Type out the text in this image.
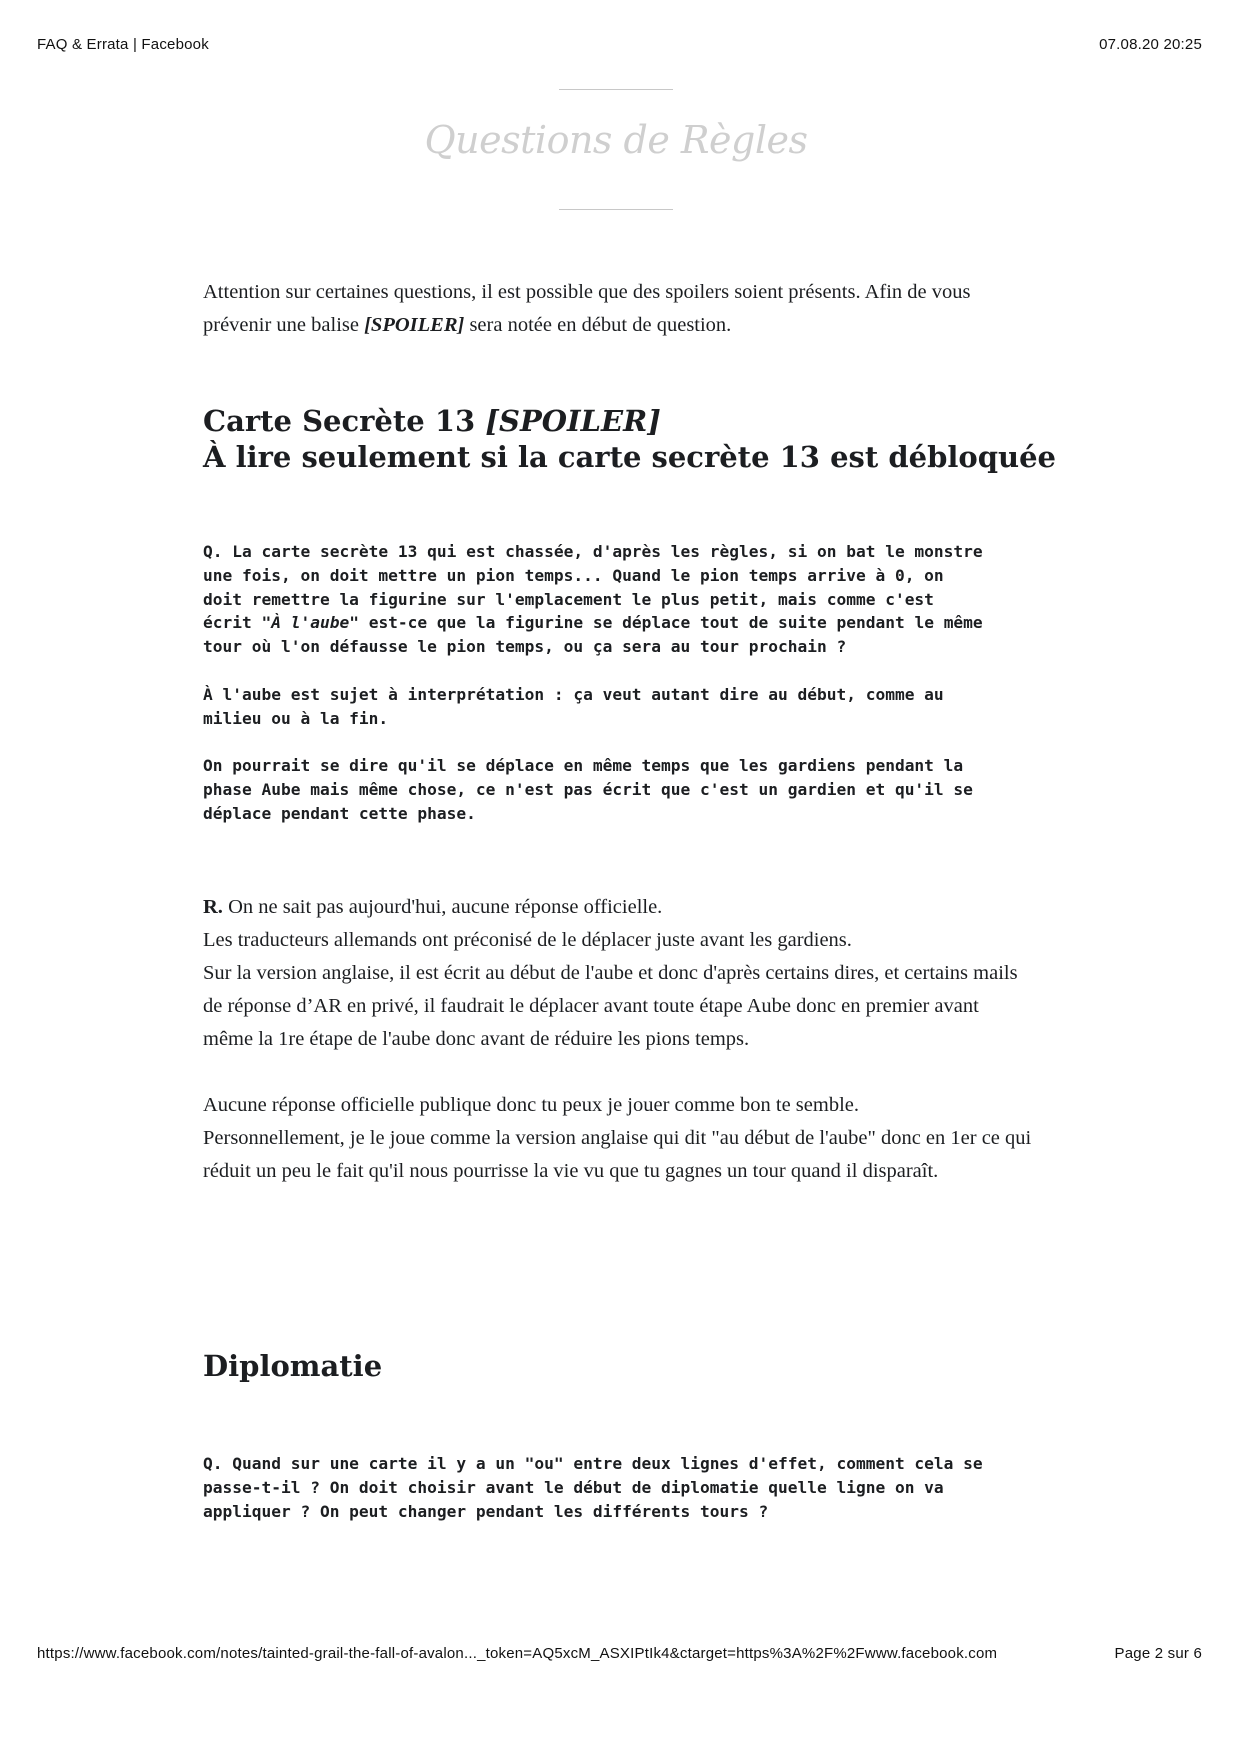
FAQ & Errata | Facebook	07.08.20 20:25
Questions de Règles
Attention sur certaines questions, il est possible que des spoilers soient présents. Afin de vous prévenir une balise [SPOILER] sera notée en début de question.
Carte Secrète 13 [SPOILER]
À lire seulement si la carte secrète 13 est débloquée
Q. La carte secrète 13 qui est chassée, d'après les règles, si on bat le monstre
une fois, on doit mettre un pion temps... Quand le pion temps arrive à 0, on
doit remettre la figurine sur l'emplacement le plus petit, mais comme c'est
écrit "À l'aube" est-ce que la figurine se déplace tout de suite pendant le même
tour où l'on défausse le pion temps, ou ça sera au tour prochain ?

À l'aube est sujet à interprétation : ça veut autant dire au début, comme au
milieu ou à la fin.

On pourrait se dire qu'il se déplace en même temps que les gardiens pendant la
phase Aube mais même chose, ce n'est pas écrit que c'est un gardien et qu'il se
déplace pendant cette phase.

R. On ne sait pas aujourd'hui, aucune réponse officielle.
Les traducteurs allemands ont préconisé de le déplacer juste avant les gardiens.
Sur la version anglaise, il est écrit au début de l'aube et donc d'après certains dires, et certains mails de réponse d’AR en privé, il faudrait le déplacer avant toute étape Aube donc en premier avant même la 1re étape de l'aube donc avant de réduire les pions temps.

Aucune réponse officielle publique donc tu peux je jouer comme bon te semble.
Personnellement, je le joue comme la version anglaise qui dit "au début de l'aube" donc en 1er ce qui réduit un peu le fait qu'il nous pourrisse la vie vu que tu gagnes un tour quand il disparaît.

Diplomatie
Q. Quand sur une carte il y a un "ou" entre deux lignes d'effet, comment cela se
passe-t-il ? On doit choisir avant le début de diplomatie quelle ligne on va
appliquer ? On peut changer pendant les différents tours ?
https://www.facebook.com/notes/tainted-grail-the-fall-of-avalon..._token=AQ5xcM_ASXIPtIk4&ctarget=https%3A%2F%2Fwww.facebook.com	Page 2 sur 6
